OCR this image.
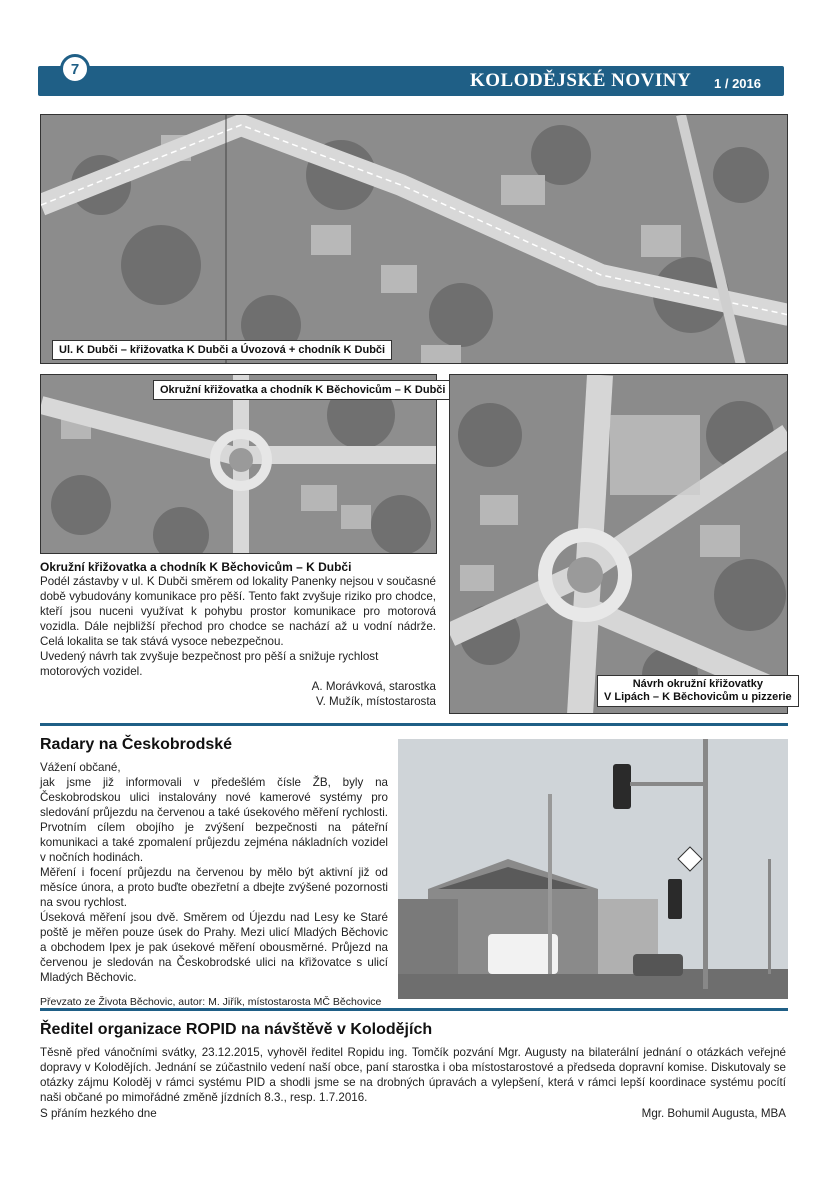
7
KOLODĚJSKÉ NOVINY 1 / 2016
Ul. K Dubči – křižovatka K Dubči a Úvozová + chodník K Dubči
Okružní křižovatka a chodník K Běchovicům – K Dubči
Návrh okružní křižovatky
V Lipách – K Běchovicům u pizzerie
Okružní křižovatka a chodník K Běchovicům – K Dubči
Podél zástavby v ul. K Dubči směrem od lokality Panenky nejsou v současné době vybudovány komunikace pro pěší. Tento fakt zvyšuje riziko pro chodce, kteří jsou nuceni využívat k pohybu prostor komunikace pro motorová vozidla. Dále nejbližší přechod pro chodce se nachází až u vodní nádrže. Celá lokalita se tak stává vysoce nebezpečnou.
Uvedený návrh tak zvyšuje bezpečnost pro pěší a snižuje rychlost motorových vozidel.
A. Morávková, starostka
V. Mužík, místostarosta
Radary na Českobrodské
Vážení občané,
jak jsme již informovali v předešlém čísle ŽB, byly na Českobrodskou ulici instalovány nové kamerové systémy pro sledování průjezdu na červenou a také úsekového měření rychlosti. Prvotním cílem obojího je zvýšení bezpečnosti na páteřní komunikaci a také zpomalení průjezdu zejména nákladních vozidel v nočních hodinách.
Měření i focení průjezdu na červenou by mělo být aktivní již od měsíce února, a proto buďte obezřetní a dbejte zvýšené pozornosti na svou rychlost.
Úseková měření jsou dvě. Směrem od Újezdu nad Lesy ke Staré poště je měřen pouze úsek do Prahy. Mezi ulicí Mladých Běchovic a obchodem Ipex je pak úsekové měření obousměrné. Průjezd na červenou je sledován na Českobrodské ulici na křižovatce s ulicí Mladých Běchovic.
Převzato ze Života Běchovic, autor: M. Jiřík, místostarosta MČ Běchovice
Ředitel organizace ROPID na návštěvě v Kolodějích
Těsně před vánočními svátky, 23.12.2015, vyhověl ředitel Ropidu ing. Tomčík pozvání Mgr. Augusty na bilaterální jednání o otázkách veřejné dopravy v Kolodějích. Jednání se zúčastnilo vedení naší obce, paní starostka i oba místostarostové a předseda dopravní komise. Diskutovaly se otázky zájmu Koloděj v rámci systému PID a shodli jsme se na drobných úpravách a vylepšení, která v rámci lepší koordinace systému pocítí naši občané po mimořádné změně jízdních 8.3., resp. 1.7.2016.
S přáním hezkého dne	Mgr. Bohumil Augusta, MBA
